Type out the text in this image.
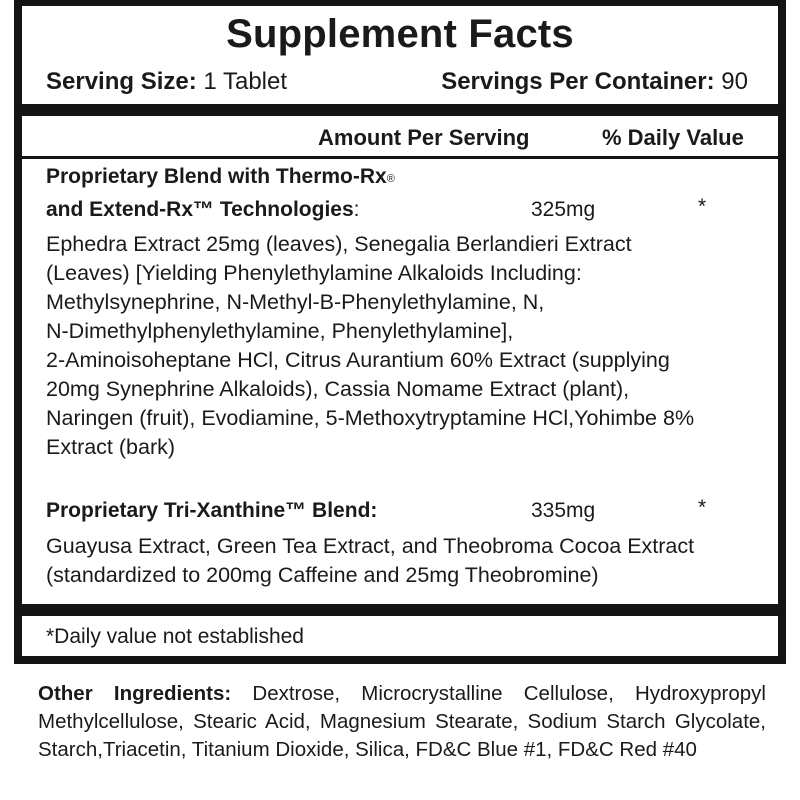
Supplement Facts
Serving Size: 1 Tablet	Servings Per Container: 90
Amount Per Serving	% Daily Value
Proprietary Blend with Thermo-Rx®
and Extend-Rx™ Technologies:	325mg	*
Ephedra Extract 25mg (leaves), Senegalia Berlandieri Extract
(Leaves) [Yielding Phenylethylamine Alkaloids Including:
Methylsynephrine, N-Methyl-B-Phenylethylamine, N,
N-Dimethylphenylethylamine, Phenylethylamine],
2-Aminoisoheptane HCl, Citrus Aurantium 60% Extract (supplying
20mg Synephrine Alkaloids), Cassia Nomame Extract (plant),
Naringen (fruit), Evodiamine, 5-Methoxytryptamine HCl,Yohimbe 8%
Extract (bark)
Proprietary Tri-Xanthine™ Blend:	335mg	*
Guayusa Extract, Green Tea Extract, and Theobroma Cocoa Extract
(standardized to 200mg Caffeine and 25mg Theobromine)
*Daily value not established
Other Ingredients: Dextrose, Microcrystalline Cellulose, Hydroxypropyl Methylcellulose, Stearic Acid, Magnesium Stearate, Sodium Starch Glycolate, Starch,Triacetin, Titanium Dioxide, Silica, FD&C Blue #1, FD&C Red #40
